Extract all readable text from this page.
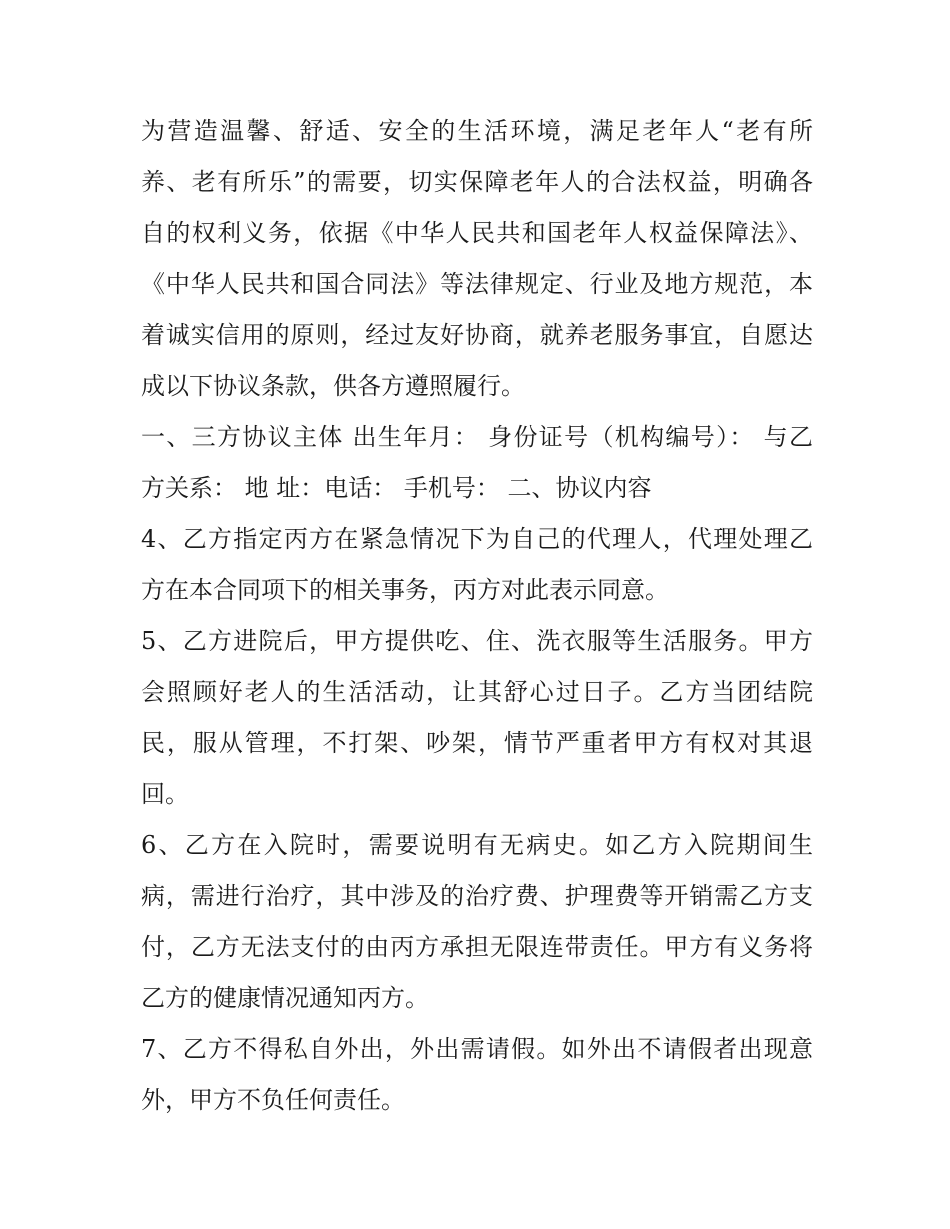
为营造温馨、舒适、安全的生活环境，满足老年人“老有所
养、老有所乐”的需要，切实保障老年人的合法权益，明确各
自的权利义务，依据《中华人民共和国老年人权益保障法》、
《中华人民共和国合同法》等法律规定、行业及地方规范，本
着诚实信用的原则，经过友好协商，就养老服务事宜，自愿达
成以下协议条款，供各方遵照履行。
一、三方协议主体 出生年月： 身份证号（机构编号）： 与乙
方关系： 地 址：电话： 手机号： 二、协议内容
4、乙方指定丙方在紧急情况下为自己的代理人，代理处理乙
方在本合同项下的相关事务，丙方对此表示同意。
5、乙方进院后，甲方提供吃、住、洗衣服等生活服务。甲方
会照顾好老人的生活活动，让其舒心过日子。乙方当团结院
民，服从管理，不打架、吵架，情节严重者甲方有权对其退
回。
6、乙方在入院时，需要说明有无病史。如乙方入院期间生
病，需进行治疗，其中涉及的治疗费、护理费等开销需乙方支
付，乙方无法支付的由丙方承担无限连带责任。甲方有义务将
乙方的健康情况通知丙方。
7、乙方不得私自外出，外出需请假。如外出不请假者出现意
外，甲方不负任何责任。
